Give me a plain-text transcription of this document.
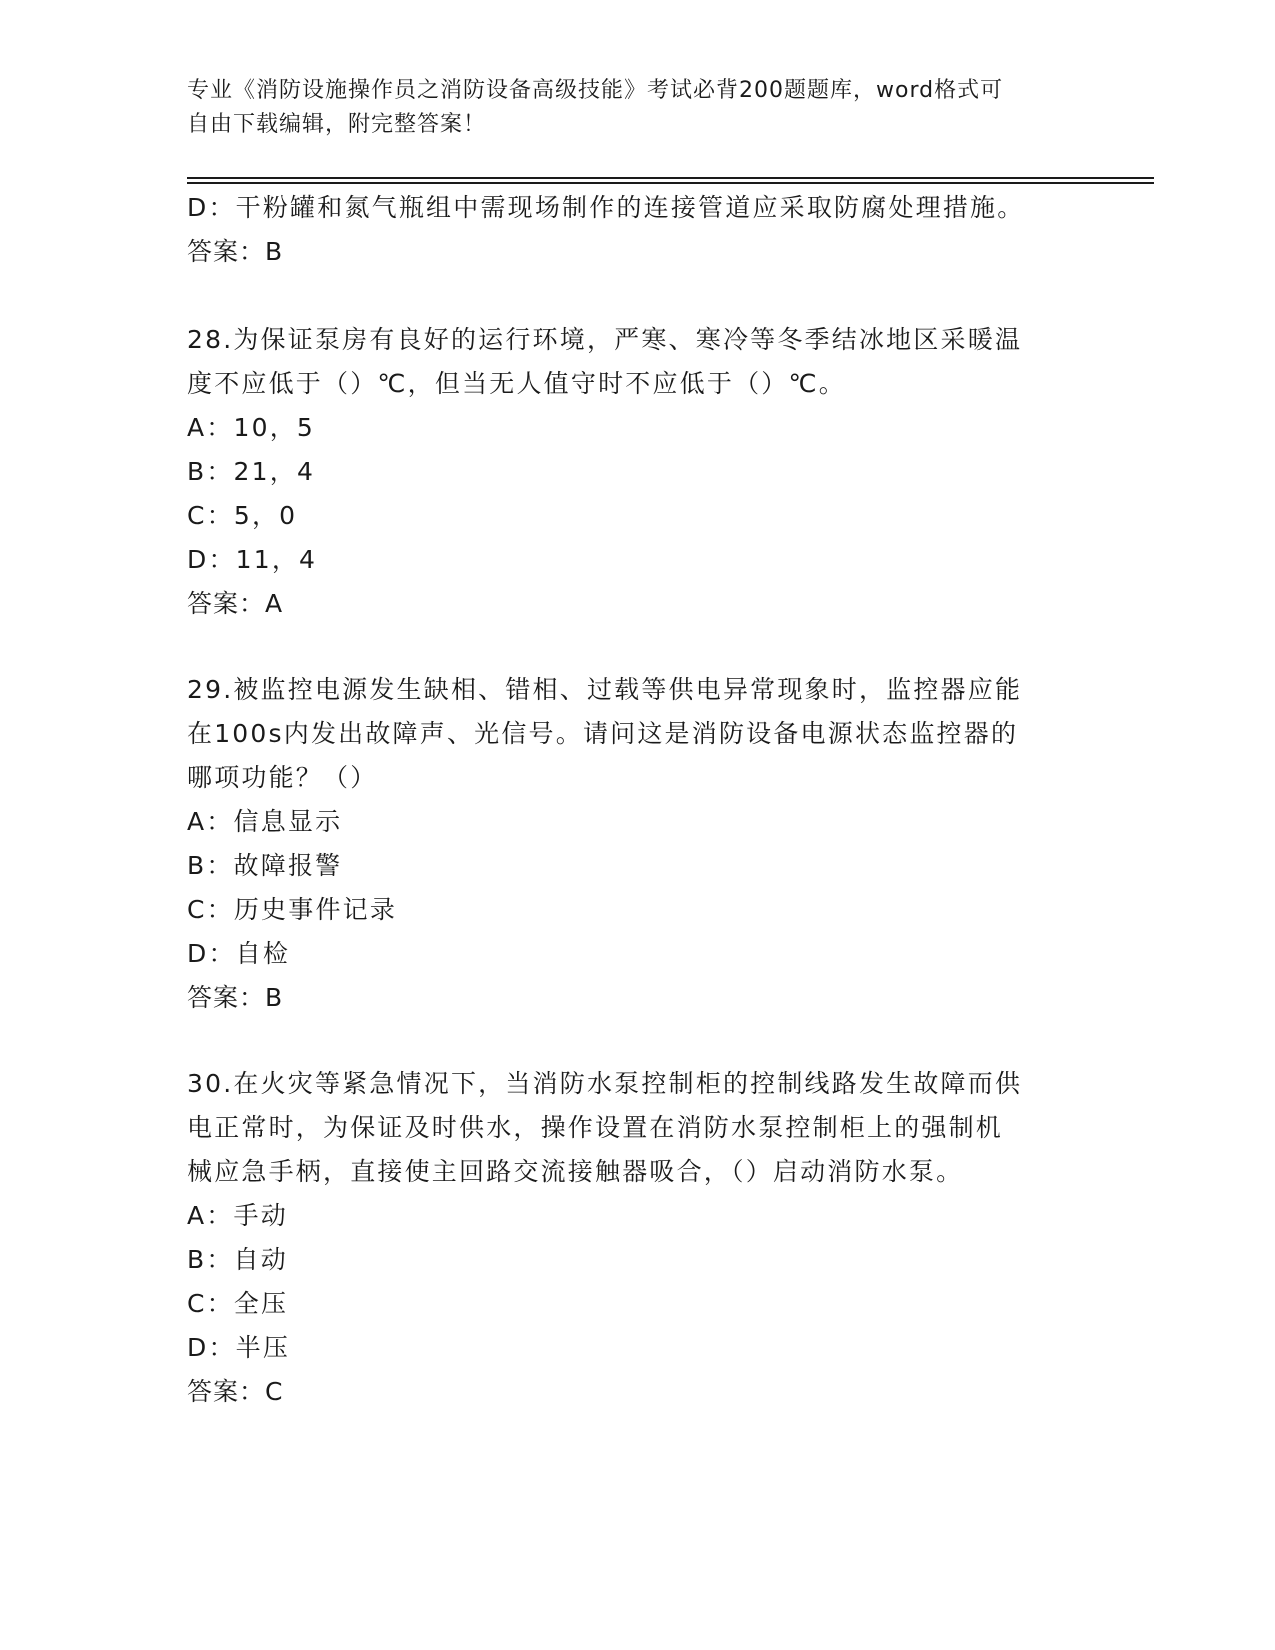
专业《消防设施操作员之消防设备高级技能》考试必背200题题库，word格式可
自由下载编辑，附完整答案！
D：干粉罐和氮气瓶组中需现场制作的连接管道应采取防腐处理措施。
答案：B
28.为保证泵房有良好的运行环境，严寒、寒冷等冬季结冰地区采暖温
度不应低于（）℃，但当无人值守时不应低于（）℃。
A：10，5
B：21，4
C：5，0
D：11，4
答案：A
29.被监控电源发生缺相、错相、过载等供电异常现象时，监控器应能
在100s内发出故障声、光信号。请问这是消防设备电源状态监控器的
哪项功能？（）
A：信息显示
B：故障报警
C：历史事件记录
D：自检
答案：B
30.在火灾等紧急情况下，当消防水泵控制柜的控制线路发生故障而供
电正常时，为保证及时供水，操作设置在消防水泵控制柜上的强制机
械应急手柄，直接使主回路交流接触器吸合，（）启动消防水泵。
A：手动
B：自动
C：全压
D：半压
答案：C
